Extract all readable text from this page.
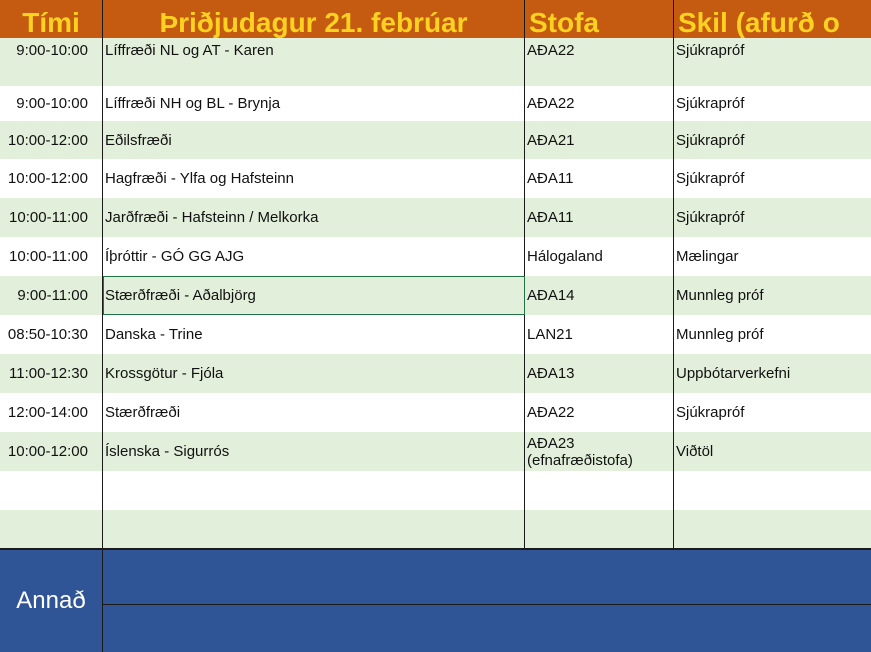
Tími	Þriðjudagur 21. febrúar	Stofa	Skil (afurð o
9:00-10:00	Líffræði NL og AT - Karen	AÐA22	Sjúkrapróf
9:00-10:00	Líffræði NH og BL - Brynja	AÐA22	Sjúkrapróf
10:00-12:00	Eðilsfræði	AÐA21	Sjúkrapróf
10:00-12:00	Hagfræði - Ylfa og Hafsteinn	AÐA11	Sjúkrapróf
10:00-11:00	Jarðfræði - Hafsteinn / Melkorka	AÐA11	Sjúkrapróf
10:00-11:00	Íþróttir - GÓ GG AJG	Hálogaland	Mælingar
9:00-11:00	Stærðfræði - Aðalbjörg	AÐA14	Munnleg próf
08:50-10:30	Danska - Trine	LAN21	Munnleg próf
11:00-12:30	Krossgötur - Fjóla	AÐA13	Uppbótarverkefni
12:00-14:00	Stærðfræði	AÐA22	Sjúkrapróf
10:00-12:00	Íslenska - Sigurrós	AÐA23 (efnafræðistofa)	Viðtöl
Annað
